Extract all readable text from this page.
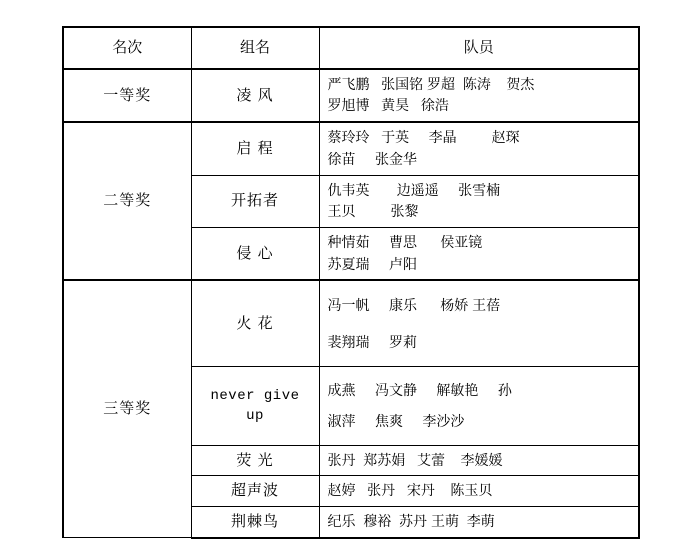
名次	组名	队员

一等奖	凌 风	严飞鹏   张国铭 罗超  陈涛    贺杰
罗旭博   黄昊   徐浩

二等奖	启 程	蔡玲玲   于英     李晶         赵琛
徐苗     张金华

	开拓者	仇韦英       边遥遥     张雪楠
王贝         张黎

	侵 心	种情茹     曹思      侯亚镜
苏夏瑞     卢阳

三等奖	火 花	冯一帆     康乐      杨娇 王蓓
裴翔瑞     罗莉

	never give up	成燕     冯文静     解敏艳     孙
淑萍     焦爽     李沙沙

	荧 光	张丹  郑苏娟   艾蕾    李媛媛

	超声波	赵婷   张丹   宋丹    陈玉贝

	荆棘鸟	纪乐  穆裕  苏丹 王萌  李萌
